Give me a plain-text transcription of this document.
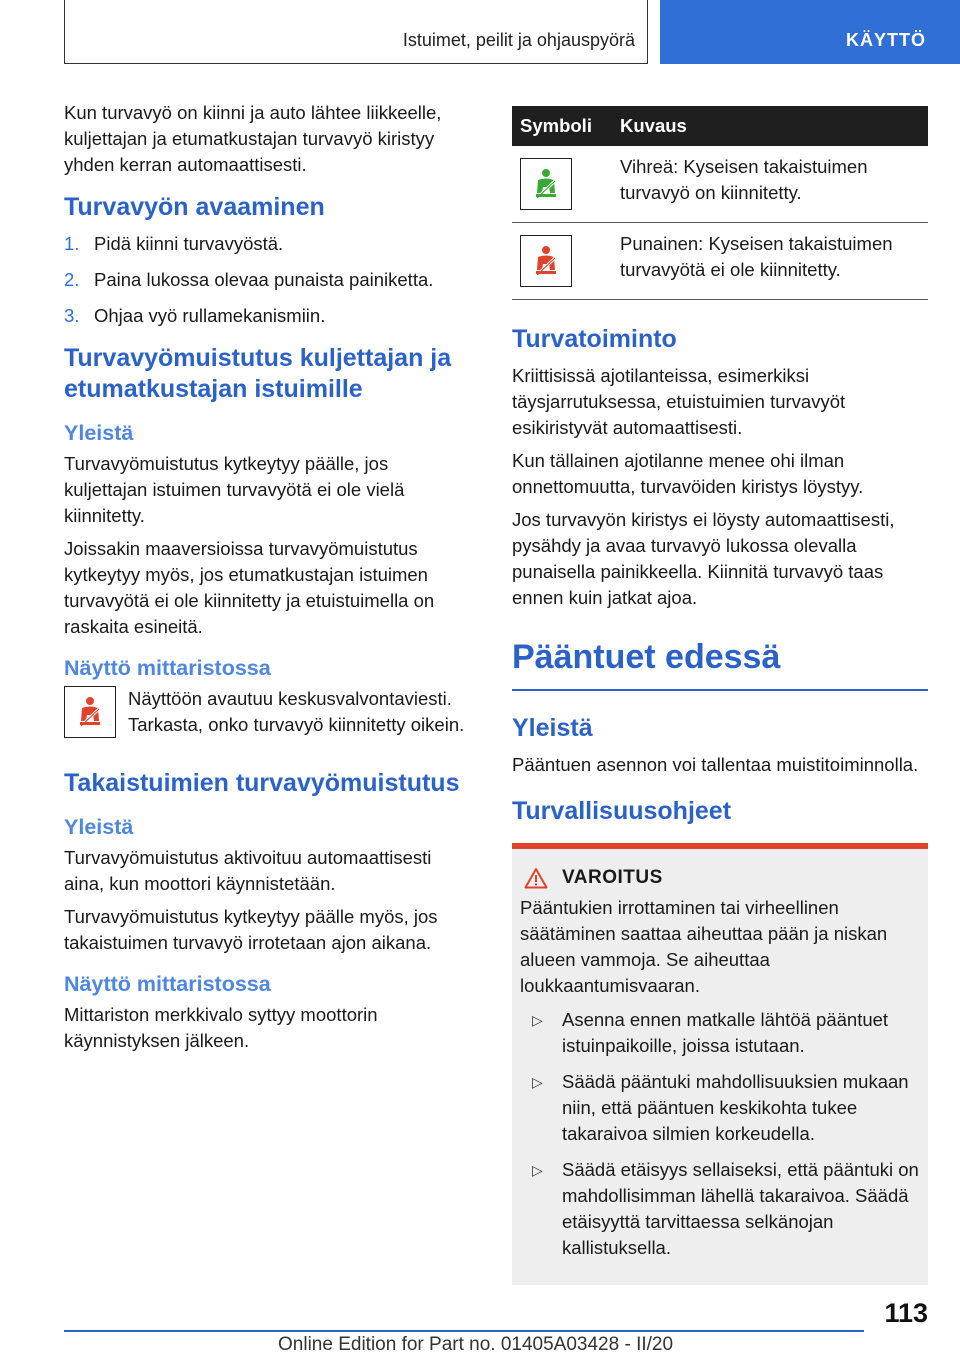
Istuimet, peilit ja ohjauspyörä	KÄYTTÖ

Kun turvavyö on kiinni ja auto lähtee liikkeelle, kuljettajan ja etumatkustajan turvavyö kiristyy yhden kerran automaattisesti.

Turvavyön avaaminen
1. Pidä kiinni turvavyöstä.
2. Paina lukossa olevaa punaista painiketta.
3. Ohjaa vyö rullamekanismiin.
Turvavyömuistutus kuljettajan ja etumatkustajan istuimille
Yleistä

Turvavyömuistutus kytkeytyy päälle, jos kuljettajan istuimen turvavyötä ei ole vielä kiinnitetty.

Joissakin maaversioissa turvavyömuistutus kytkeytyy myös, jos etumatkustajan istuimen turvavyötä ei ole kiinnitetty ja etuistuimella on raskaita esineitä.

Näyttö mittaristossa

Näyttöön avautuu keskusvalvontaviesti. Tarkasta, onko turvavyö kiinnitetty oikein.

Takaistuimien turvavyömuistutus
Yleistä

Turvavyömuistutus aktivoituu automaattisesti aina, kun moottori käynnistetään.

Turvavyömuistutus kytkeytyy päälle myös, jos takaistuimen turvavyö irrotetaan ajon aikana.

Näyttö mittaristossa

Mittariston merkkivalo syttyy moottorin käynnistyksen jälkeen.

Symboli	Kuvaus

	Vihreä: Kyseisen takaistuimen turvavyö on kiinnitetty.

	Punainen: Kyseisen takaistuimen turvavyötä ei ole kiinnitetty.
Turvatoiminto

Kriittisissä ajotilanteissa, esimerkiksi täysjarrutuksessa, etuistuimien turvavyöt esikiristyvät automaattisesti.

Kun tällainen ajotilanne menee ohi ilman onnettomuutta, turvavöiden kiristys löystyy.

Jos turvavyön kiristys ei löysty automaattisesti, pysähdy ja avaa turvavyö lukossa olevalla punaisella painikkeella. Kiinnitä turvavyö taas ennen kuin jatkat ajoa.

Pääntuet edessä
Yleistä

Pääntuen asennon voi tallentaa muistitoiminnolla.

Turvallisuusohjeet
VAROITUS

Pääntukien irrottaminen tai virheellinen säätäminen saattaa aiheuttaa pään ja niskan alueen vammoja. Se aiheuttaa loukkaantumisvaaran.

▷ Asenna ennen matkalle lähtöä pääntuet istuinpaikoille, joissa istutaan.
▷ Säädä pääntuki mahdollisuuksien mukaan niin, että pääntuen keskikohta tukee takaraivoa silmien korkeudella.
▷ Säädä etäisyys sellaiseksi, että pääntuki on mahdollisimman lähellä takaraivoa. Säädä etäisyyttä tarvittaessa selkänojan kallistuksella.
113
Online Edition for Part no. 01405A03428 - II/20
